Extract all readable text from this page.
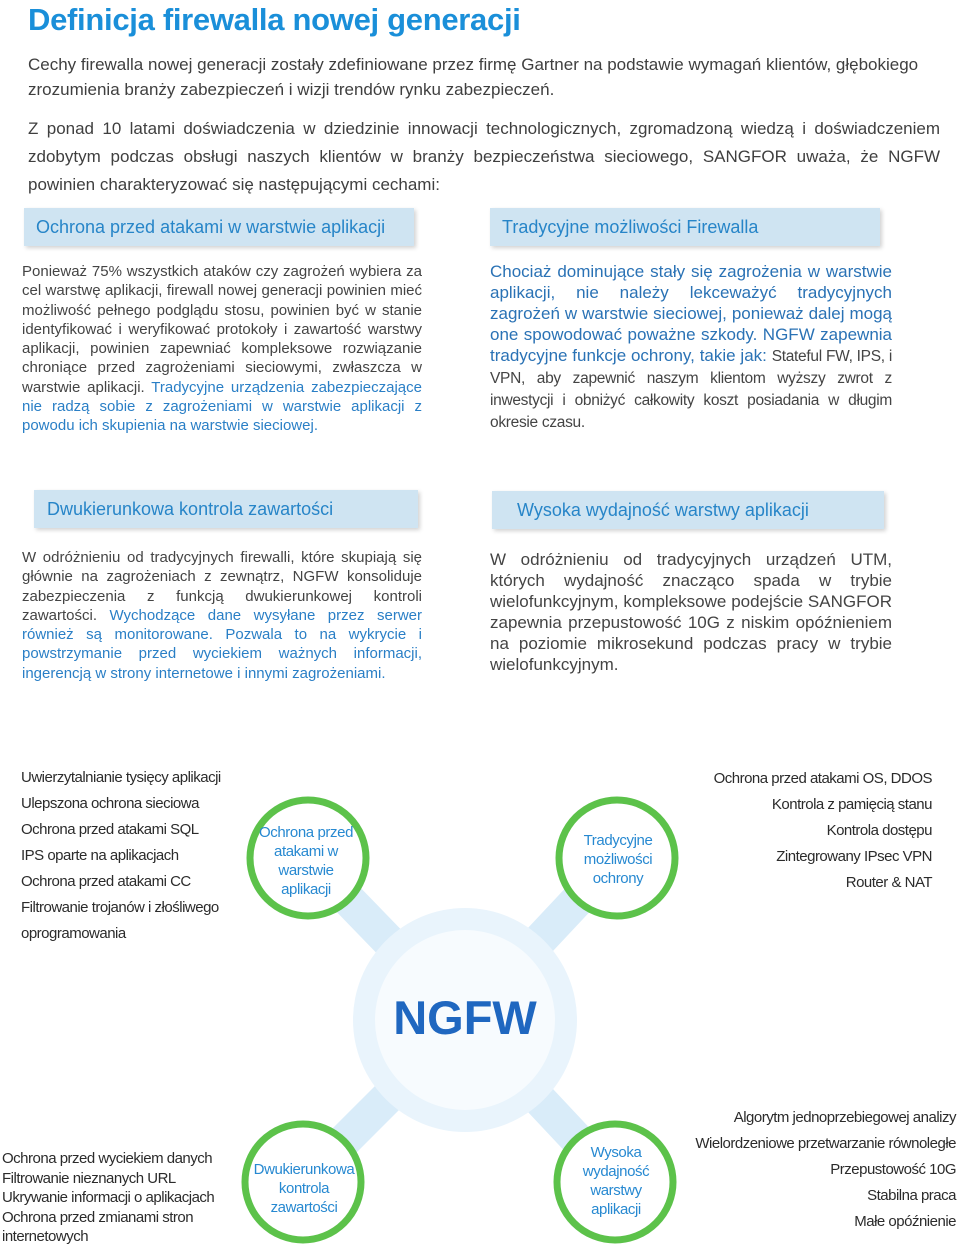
Definicja firewalla nowej generacji

Cechy firewalla nowej generacji zostały zdefiniowane przez firmę Gartner na podstawie wymagań klientów, głębokiego zrozumienia branży zabezpieczeń i wizji trendów rynku zabezpieczeń.

Z ponad 10 latami doświadczenia w dziedzinie innowacji technologicznych, zgromadzoną wiedzą i doświadczeniem zdobytym podczas obsługi naszych klientów w branży bezpieczeństwa sieciowego, SANGFOR uważa, że NGFW powinien charakteryzować się następującymi cechami:

Ochrona przed atakami w warstwie aplikacji

Ponieważ 75% wszystkich ataków czy zagrożeń wybiera za cel warstwę aplikacji, firewall nowej generacji powinien mieć możliwość pełnego podglądu stosu, powinien być w stanie identyfikować i weryfikować protokoły i zawartość warstwy aplikacji, powinien zapewniać kompleksowe rozwiązanie chroniące przed zagrożeniami sieciowymi, zwłaszcza w warstwie aplikacji. Tradycyjne urządzenia zabezpieczające nie radzą sobie z zagrożeniami w warstwie aplikacji z powodu ich skupienia na warstwie sieciowej.

Tradycyjne możliwości Firewalla

Chociaż dominujące stały się zagrożenia w warstwie aplikacji, nie należy lekceważyć tradycyjnych zagrożeń w warstwie sieciowej, ponieważ dalej mogą one spowodować poważne szkody. NGFW zapewnia tradycyjne funkcje ochrony, takie jak: Stateful FW, IPS, i VPN, aby zapewnić naszym klientom wyższy zwrot z inwestycji i obniżyć całkowity koszt posiadania w długim okresie czasu.

Dwukierunkowa kontrola zawartości

W odróżnieniu od tradycyjnych firewalli, które skupiają się głównie na zagrożeniach z zewnątrz, NGFW konsoliduje zabezpieczenia z funkcją dwukierunkowej kontroli zawartości. Wychodzące dane wysyłane przez serwer również są monitorowane. Pozwala to na wykrycie i powstrzymanie przed wyciekiem ważnych informacji, ingerencją w strony internetowe i innymi zagrożeniami.

Wysoka wydajność warstwy aplikacji

W odróżnieniu od tradycyjnych urządzeń UTM, których wydajność znacząco spada w trybie wielofunkcyjnym, kompleksowe podejście SANGFOR zapewnia przepustowość 10G z niskim opóźnieniem na poziomie mikrosekund podczas pracy w trybie wielofunkcyjnym.

NGFW
Ochrona przed atakami w warstwie aplikacji
Tradycyjne możliwości ochrony
Dwukierunkowa kontrola zawartości
Wysoka wydajność warstwy aplikacji
Uwierzytalnianie tysięcy aplikacji
Ulepszona ochrona sieciowa
Ochrona przed atakami SQL
IPS oparte na aplikacjach
Ochrona przed atakami CC
Filtrowanie trojanów i złośliwego
oprogramowania
Ochrona przed atakami OS, DDOS
Kontrola z pamięcią stanu
Kontrola dostępu
Zintegrowany IPsec VPN
Router & NAT
Ochrona przed wyciekiem danych
Filtrowanie nieznanych URL
Ukrywanie informacji o aplikacjach
Ochrona przed zmianami stron
internetowych
Algorytm jednoprzebiegowej analizy
Wielordzeniowe przetwarzanie równoległe
Przepustowość 10G
Stabilna praca
Małe opóźnienie
